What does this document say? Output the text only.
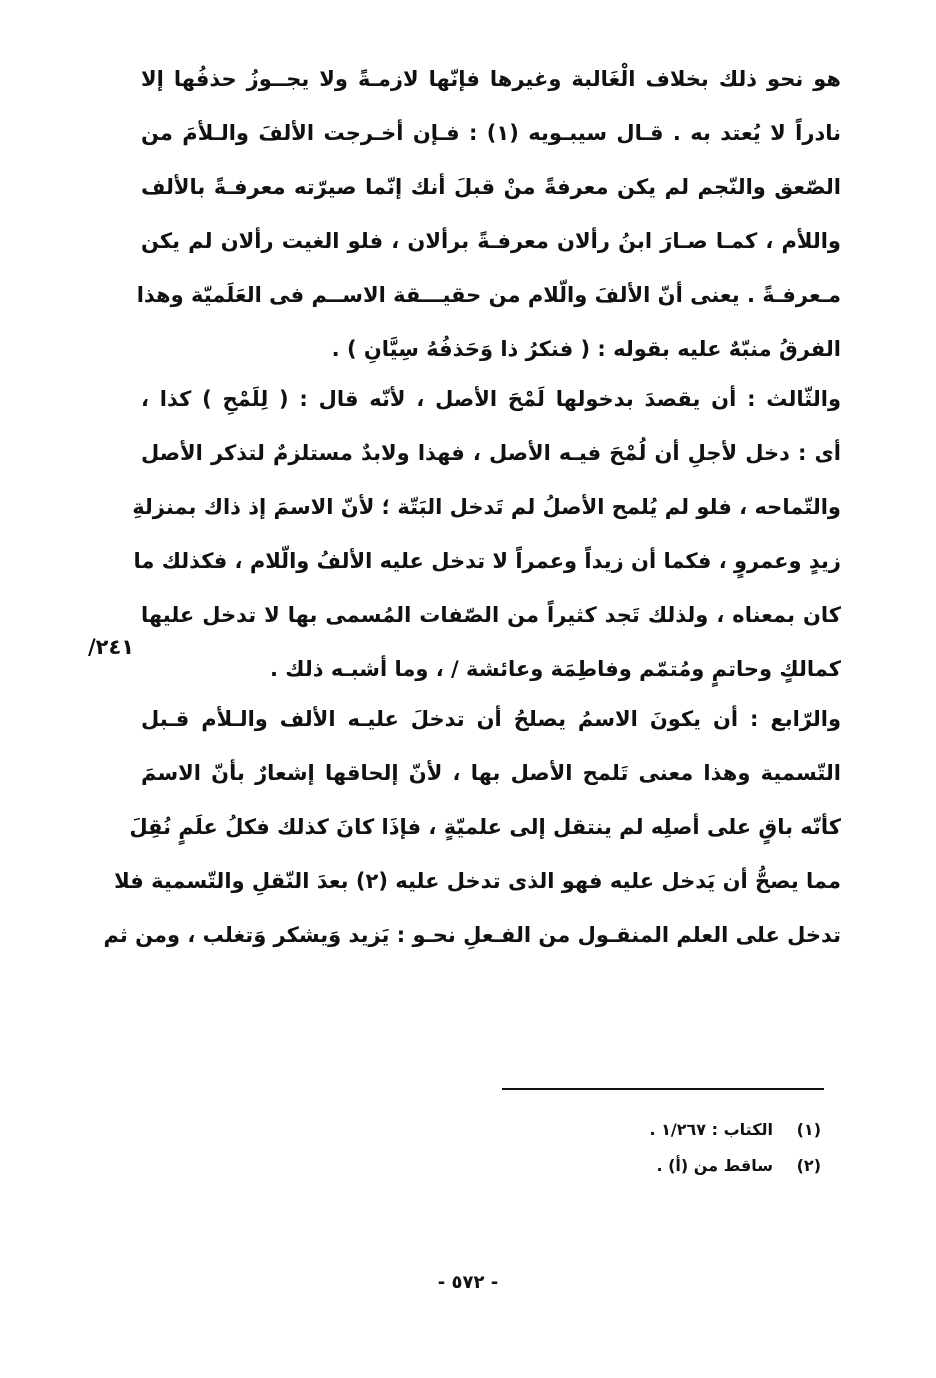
هو نحو ذلك بخلاف الْغَالبة وغيرها فإنّها لازمـةً ولا يجــوزُ حذفُها إلا
نادراً لا يُعتد به . قـال سيبـويه (١) : فـإن أخـرجت الألفَ والـلأمَ من
الصّعق والنّجم لم يكن معرفةً منْ قبلَ أنك إنّما صيرّته معرفـةً بالألف
واللأم ، كمـا صـارَ ابنُ رألان معرفـةً برألان ، فلو الغيت رألان لم يكن
مـعرفـةً . يعنى أنّ الألفَ والّلام من حقيـــقة الاســم فى العَلَميّة وهذا
الفرقُ منبّهٌ عليه بقوله : ( فنكرُ ذا وَحَذفُهُ سِيَّانِ ) .
والثّالث : أن يقصدَ بدخولها لَمْحَ الأصل ، لأنّه قال : ( لِلَمْحِ ) كذا ،
أى : دخل لأجلِ أن لُمْحَ فيـه الأصل ، فهذا ولابدٌ مستلزمٌ لتذكر الأصل
والتّماحه ، فلو لم يُلمح الأصلُ لم تَدخل البَتّة ؛ لأنّ الاسمَ إذ ذاك بمنزلةِ
زيدٍ وعمروٍ ، فكما أن زيداً وعمراً لا تدخل عليه الألفُ والّلام ، فكذلك ما
كان بمعناه ، ولذلك تَجد كثيراً من الصّفات المُسمى بها لا تدخل عليها
كمالكٍ وحاتمٍ ومُتمّم وفاطِمَة وعائشة / ، وما أشبـه ذلك .
٢٤١/
والرّابع : أن يكونَ الاسمُ يصلحُ أن تدخلَ عليـه الألف والـلأم قـبل
التّسمية وهذا معنى تَلمح الأصل بها ، لأنّ إلحاقها إشعارٌ بأنّ الاسمَ
كأنّه باقٍ على أصلِه لم ينتقل إلى علميّةٍ ، فإذَا كانَ كذلك فكلُ علَمٍ نُقِلَ
مما يصحُّ أن يَدخل عليه فهو الذى تدخل عليه (٢) بعدَ النّقلِ والتّسمية فلا
تدخل على العلم المنقـول من الفـعلِ نحـو : يَزيد وَيشكر وَتغلب ، ومن ثم
(١)الكتاب : ١/٢٦٧ .
(٢)ساقط من (أ) .
- ٥٧٢ -
